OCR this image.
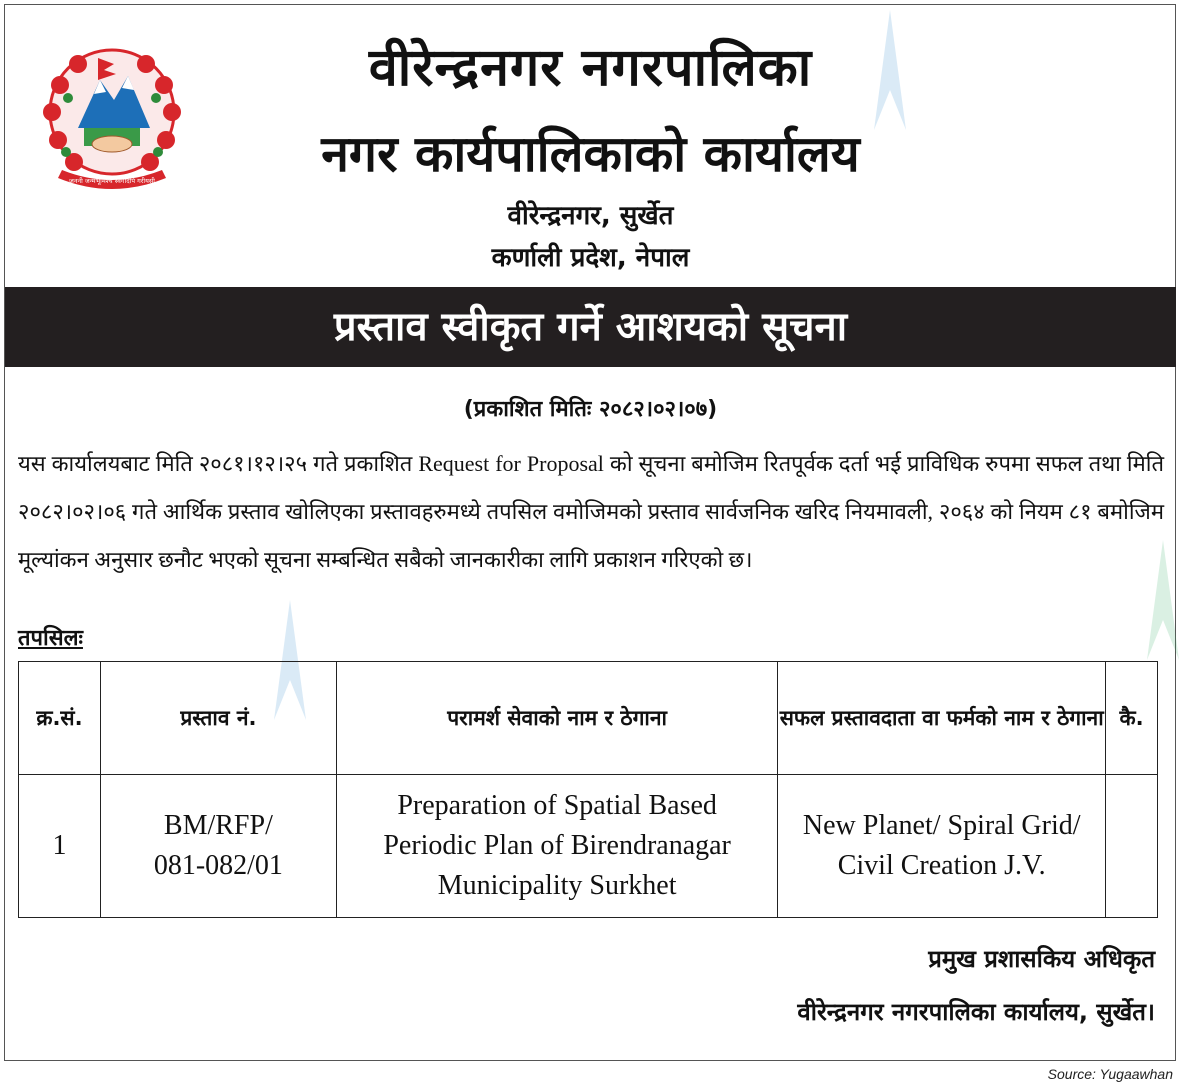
जननी जन्मभूमिश्च स्वर्गादपि गरीयसी
वीरेन्द्रनगर नगरपालिका
नगर कार्यपालिकाको कार्यालय
वीरेन्द्रनगर, सुर्खेत
कर्णाली प्रदेश, नेपाल
प्रस्ताव स्वीकृत गर्ने आशयको सूचना
(प्रकाशित मितिः २०८२।०२।०७)
यस कार्यालयबाट मिति २०८१।१२।२५ गते प्रकाशित Request for Proposal को सूचना बमोजिम रितपूर्वक दर्ता भई प्राविधिक रुपमा सफल तथा मिति २०८२।०२।०६ गते आर्थिक प्रस्ताव खोलिएका प्रस्तावहरुमध्ये तपसिल वमोजिमको प्रस्ताव सार्वजनिक खरिद नियमावली, २०६४ को नियम ८१ बमोजिम मूल्यांकन अनुसार छनौट भएको सूचना सम्बन्धित सबैको जानकारीका लागि प्रकाशन गरिएको छ।
तपसिलः
क्र.सं.	प्रस्ताव नं.	परामर्श सेवाको नाम र ठेगाना	सफल प्रस्तावदाता वा फर्मको नाम र ठेगाना	कै.
1	BM/RFP/ 081-082/01	Preparation of Spatial Based Periodic Plan of Birendranagar Municipality Surkhet	New Planet/ Spiral Grid/ Civil Creation J.V.	
प्रमुख प्रशासकिय अधिकृत
वीरेन्द्रनगर नगरपालिका कार्यालय, सुर्खेत।
Source: Yugaawhan
